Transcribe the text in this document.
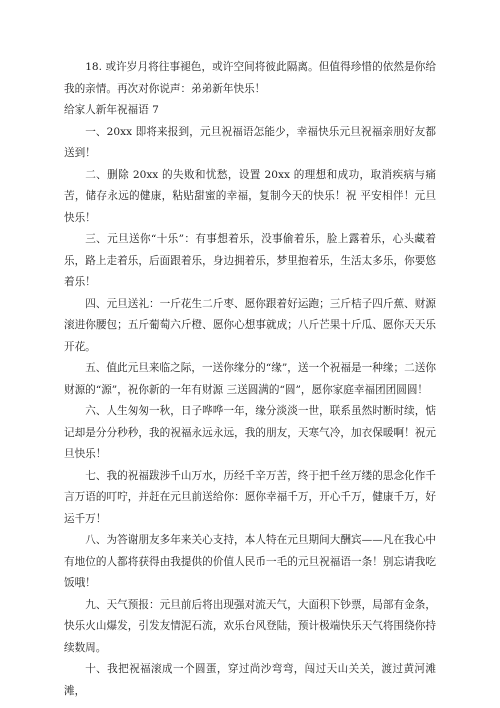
18. 或许岁月将往事褪色，或许空间将彼此隔离。但值得珍惜的依然是你给我的亲情。再次对你说声：弟弟新年快乐！

给家人新年祝福语 7

一、20xx 即将来报到，元旦祝福语怎能少，幸福快乐元旦祝福亲朋好友都送到！

二、删除 20xx 的失败和忧愁，设置 20xx 的理想和成功，取消疾病与痛苦，储存永远的健康，粘贴甜蜜的幸福，复制今天的快乐！祝 平安相伴！元旦快乐！

三、元旦送你“十乐”：有事想着乐，没事偷着乐，脸上露着乐，心头藏着乐，路上走着乐，后面跟着乐，身边拥着乐，梦里抱着乐，生活太多乐，你要悠着乐！

四、元旦送礼：一斤花生二斤枣、愿你跟着好运跑；三斤桔子四斤蕉、财源滚进你腰包；五斤葡萄六斤橙、愿你心想事就成；八斤芒果十斤瓜、愿你天天乐开花。

五、值此元旦来临之际，一送你缘分的“缘”，送一个祝福是一种缘；二送你财源的“源”，祝你新的一年有财源 三送圆满的“圆”，愿你家庭幸福团团圆圆！

六、人生匆匆一秋，日子哗哗一年，缘分淡淡一世，联系虽然时断时续，惦记却是分分秒秒，我的祝福永远永远，我的朋友，天寒气冷，加衣保暖啊！祝元旦快乐！

七、我的祝福跋涉千山万水，历经千辛万苦，终于把千丝万缕的思念化作千言万语的叮咛，并赶在元旦前送给你：愿你幸福千万，开心千万，健康千万，好运千万！

八、为答谢朋友多年来关心支持，本人特在元旦期间大酬宾——凡在我心中有地位的人都将获得由我提供的价值人民币一毛的元旦祝福语一条！别忘请我吃饭哦！

九、天气预报：元旦前后将出现强对流天气，大面积下钞票，局部有金条，快乐火山爆发，引发友情泥石流，欢乐台风登陆，预计极端快乐天气将围绕你持续数周。

十、我把祝福滚成一个圆蛋，穿过尚沙弯弯，闯过天山关关，渡过黄河滩滩，
